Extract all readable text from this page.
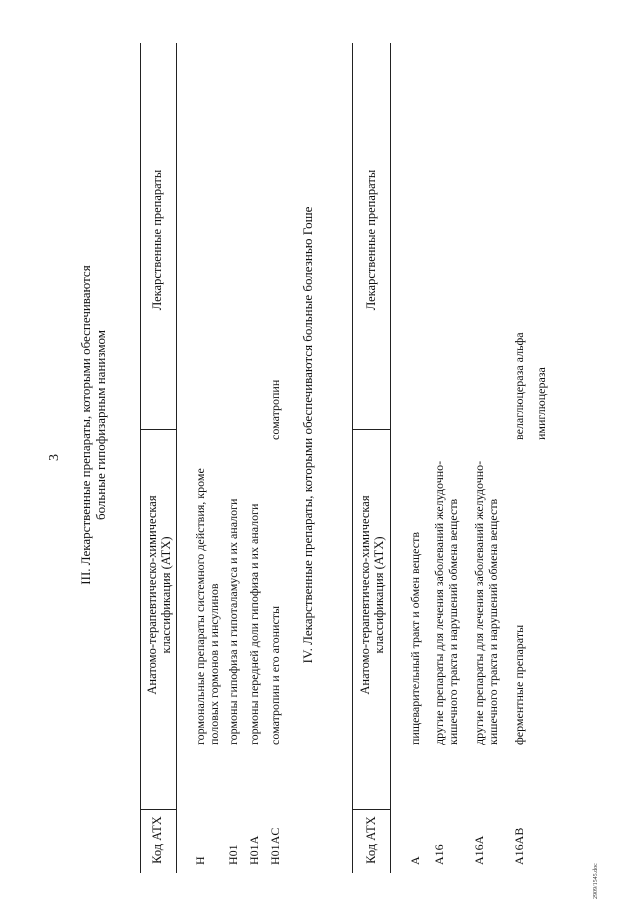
3 III. Лекарственные препараты, которыми обеспечиваются больные гипофизарным нанизмом
Код АТХ
Анатомо-терапевтическо-химическая классификация (АТХ)
Лекарственные препараты
H
гормональные препараты системного действия, кроме половых гормонов и инсулинов
H01
гормоны гипофиза и гипоталамуса и их аналоги
H01A
гормоны передней доли гипофиза и их аналоги
H01AC
соматропин и его агонисты
соматропин IV. Лекарственные препараты, которыми обеспечиваются больные болезнью Гоше
Код АТХ
Анатомо-терапевтическо-химическая классификация (АТХ)
Лекарственные препараты
A
пищеварительный тракт и обмен веществ
A16
другие препараты для лечения заболеваний желудочно-кишечного тракта и нарушений обмена веществ
A16A
другие препараты для лечения заболеваний желудочно-кишечного тракта и нарушений обмена веществ
A16AB
ферментные препараты
велаглюцераза альфа имиглюцераза
2909/1545.doc
